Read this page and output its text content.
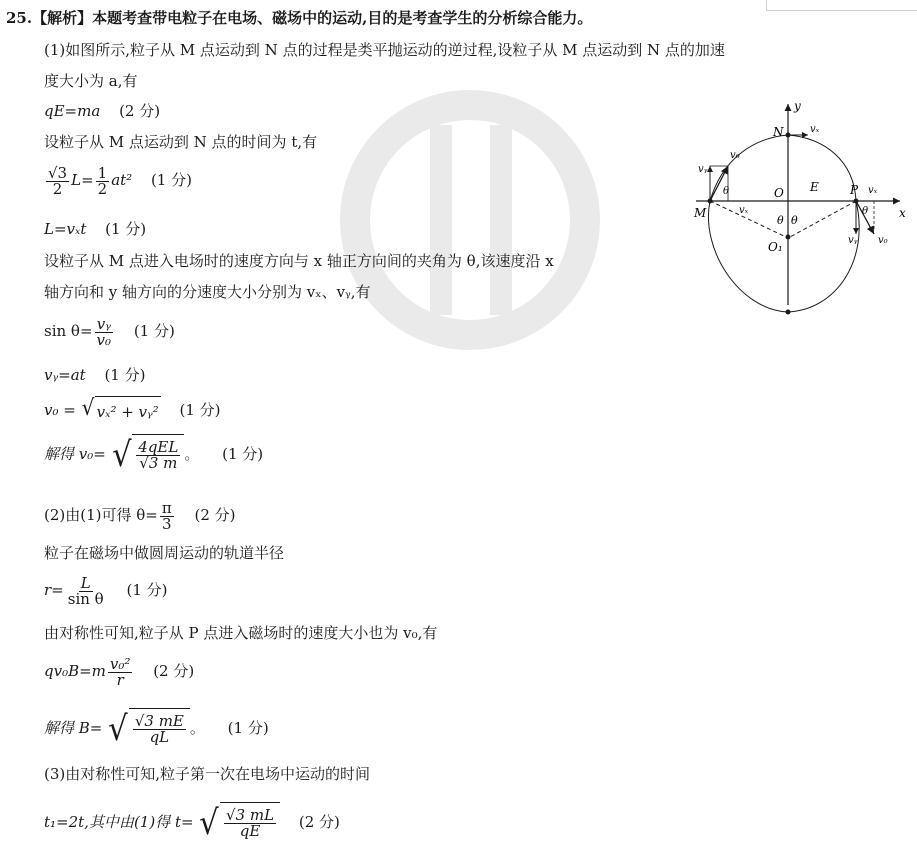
25.【解析】本题考查带电粒子在电场、磁场中的运动,目的是考查学生的分析综合能力。
(1)如图所示,粒子从 M 点运动到 N 点的过程是类平抛运动的逆过程,设粒子从 M 点运动到 N 点的加速
度大小为 a,有
qE=ma (2 分)
设粒子从 M 点运动到 N 点的时间为 t,有
$\frac{√3}{2} L= \frac{1}{2} at^2$ (1 分)
L=vₓt (1 分)
设粒子从 M 点进入电场时的速度方向与 x 轴正方向间的夹角为 θ,该速度沿 x
轴方向和 y 轴方向的分速度大小分别为 vₓ、vᵧ,有
$\sin \theta= \frac{\text{vᵧ}}{\text{v₀}} (1$ 分)
vᵧ=at (1 分)
v₀ = √ vₓ² + vᵧ² (1 分)
解得 v₀= √ $\frac{\text{4qEL}}{√3 m}$ 。 (1 分)
(2)由(1)可得 $\theta= \frac{\pi}{3} (2$ 分)
粒子在磁场中做圆周运动的轨道半径
$r= \frac{L}{\text{sin θ}} (1$ 分)
由对称性可知,粒子从 P 点进入磁场时的速度大小也为 v₀,有
$qv_0B=m \frac{\text{v₀²}}{r} (2$ 分)
解得 B= √ $\frac{√3 mE}{qL}$ 。 (1 分)
(3)由对称性可知,粒子第一次在电场中运动的时间
t₁=2t,其中由(1)得 t= √ $\frac{√3 mL}{qE} (2$ 分)
y
x
N
M
O
O₁
P
E
θ θ
θ
θ
vₓ
vₓ
vₓ
vᵧ
vᵧ
v₀
v₀
